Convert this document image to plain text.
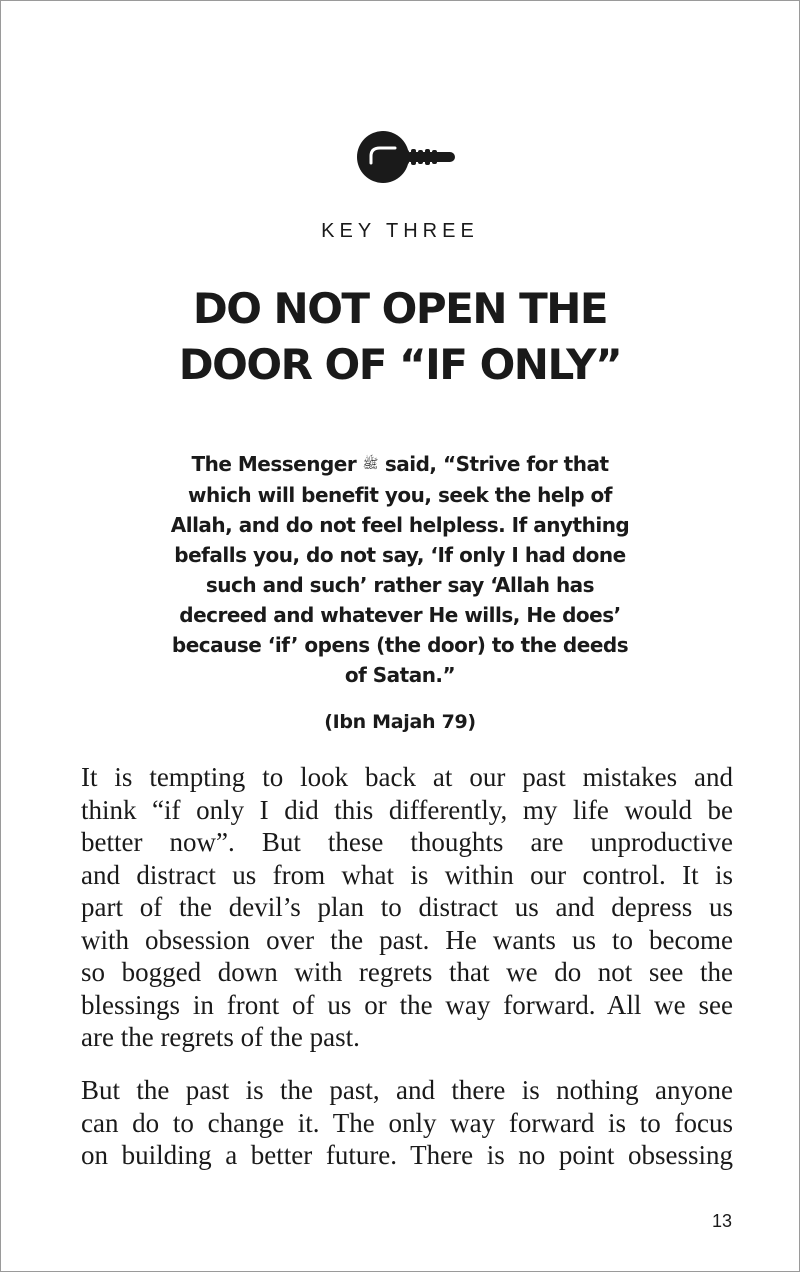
KEY THREE
DO NOT OPEN THE
DOOR OF “IF ONLY”
The Messenger ﷺ said, “Strive for that
which will benefit you, seek the help of
Allah, and do not feel helpless. If anything
befalls you, do not say, ‘If only I had done
such and such’ rather say ‘Allah has
decreed and whatever He wills, He does’
because ‘if’ opens (the door) to the deeds
of Satan.”
(Ibn Majah 79)
It is tempting to look back at our past mistakes and
think “if only I did this differently, my life would be
better now”. But these thoughts are unproductive
and distract us from what is within our control. It is
part of the devil’s plan to distract us and depress us
with obsession over the past. He wants us to become
so bogged down with regrets that we do not see the
blessings in front of us or the way forward. All we see
are the regrets of the past.
But the past is the past, and there is nothing anyone
can do to change it. The only way forward is to focus
on building a better future. There is no point obsessing
13
